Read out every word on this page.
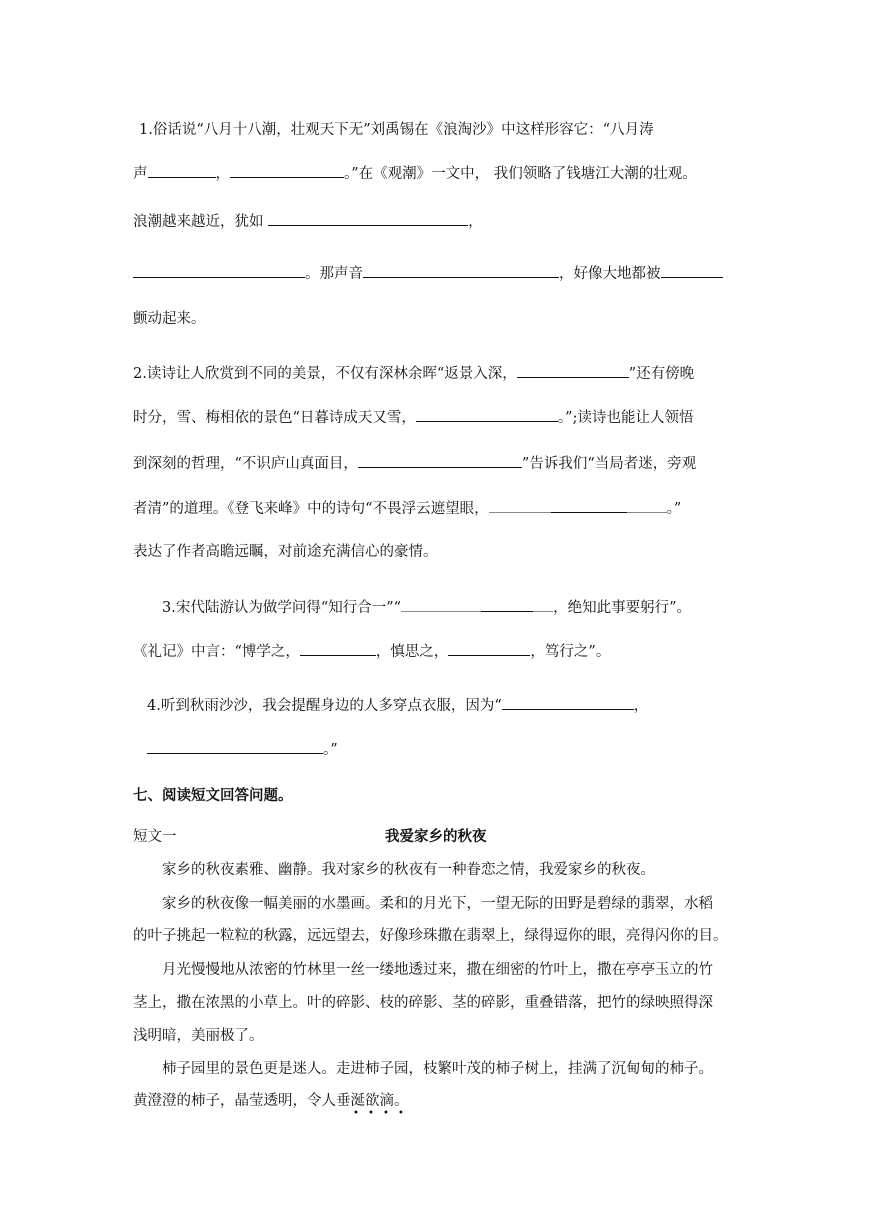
1.俗话说“八月十八潮，壮观天下无”刘禹锡在《浪淘沙》中这样形容它：“八月涛
声	，	。”在《观潮》一文中， 我们领略了钱塘江大潮的壮观。
浪潮越来越近，犹如	，
。那声音	，好像大地都被
颤动起来。
2.读诗让人欣赏到不同的美景，不仅有深林余晖“返景入深，	”还有傍晚
时分，雪、梅相依的景色“日暮诗成天又雪，	。”;读诗也能让人领悟
到深刻的哲理，“不识庐山真面目，	”告诉我们“当局者迷，旁观
者清”的道理。《登飞来峰》中的诗句“不畏浮云遮望眼，	。”
表达了作者高瞻远瞩，对前途充满信心的豪情。
3.宋代陆游认为做学问得“知行合一”“	，绝知此事要躬行”。
《礼记》中言：“博学之，	，慎思之，	，笃行之”。
4.听到秋雨沙沙，我会提醒身边的人多穿点衣服，因为“	，
。”
七、阅读短文回答问题。
短文一	我爱家乡的秋夜
家乡的秋夜素雅、幽静。我对家乡的秋夜有一种眷恋之情，我爱家乡的秋夜。
家乡的秋夜像一幅美丽的水墨画。柔和的月光下，一望无际的田野是碧绿的翡翠，水稻
的叶子挑起一粒粒的秋露，远远望去，好像珍珠撒在翡翠上，绿得逗你的眼，亮得闪你的目。
月光慢慢地从浓密的竹林里一丝一缕地透过来，撒在细密的竹叶上，撒在亭亭玉立的竹
茎上，撒在浓黑的小草上。叶的碎影、枝的碎影、茎的碎影，重叠错落，把竹的绿映照得深
浅明暗，美丽极了。
柿子园里的景色更是迷人。走进柿子园，枝繁叶茂的柿子树上，挂满了沉甸甸的柿子。
黄澄澄的柿子，晶莹透明，令人垂涎欲滴。
• • • •
